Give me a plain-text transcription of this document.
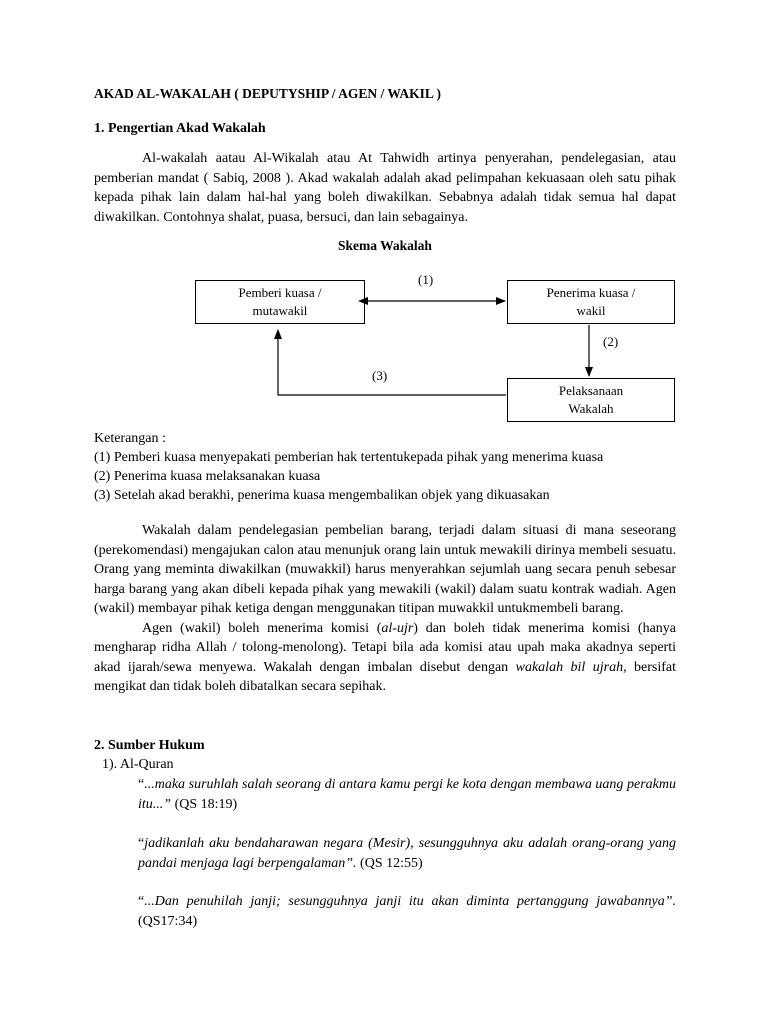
AKAD AL-WAKALAH ( DEPUTYSHIP / AGEN / WAKIL )
1. Pengertian Akad Wakalah

Al-wakalah aatau Al-Wikalah atau At Tahwidh artinya penyerahan, pendelegasian, atau pemberian mandat ( Sabiq, 2008 ). Akad wakalah adalah akad pelimpahan kekuasaan oleh satu pihak kepada pihak lain dalam hal-hal yang boleh diwakilkan. Sebabnya adalah tidak semua hal dapat diwakilkan. Contohnya shalat, puasa, bersuci, dan lain sebagainya.

Skema Wakalah
Keterangan :
(1) Pemberi kuasa menyepakati pemberian hak tertentukepada pihak yang menerima kuasa
(2) Penerima kuasa melaksanakan kuasa
(3) Setelah akad berakhi, penerima kuasa mengembalikan objek yang dikuasakan

Wakalah dalam pendelegasian pembelian barang, terjadi dalam situasi di mana seseorang (perekomendasi) mengajukan calon atau menunjuk orang lain untuk mewakili dirinya membeli sesuatu. Orang yang meminta diwakilkan (muwakkil) harus menyerahkan sejumlah uang secara penuh sebesar harga barang yang akan dibeli kepada pihak yang mewakili (wakil) dalam suatu kontrak wadiah. Agen (wakil) membayar pihak ketiga dengan menggunakan titipan muwakkil untukmembeli barang.

Agen (wakil) boleh menerima komisi (al-ujr) dan boleh tidak menerima komisi (hanya mengharap ridha Allah / tolong-menolong). Tetapi bila ada komisi atau upah maka akadnya seperti akad ijarah/sewa menyewa. Wakalah dengan imbalan disebut dengan wakalah bil ujrah, bersifat mengikat dan tidak boleh dibatalkan secara sepihak.

2. Sumber Hukum
1). Al-Quran

“...maka suruhlah salah seorang di antara kamu pergi ke kota dengan membawa uang perakmu itu...” (QS 18:19)

“jadikanlah aku bendaharawan negara (Mesir), sesungguhnya aku adalah orang-orang yang pandai menjaga lagi berpengalaman”. (QS 12:55)

“...Dan penuhilah janji; sesungguhnya janji itu akan diminta pertanggung jawabannya”. (QS17:34)

Pemberi kuasa /
mutawakil
Penerima kuasa /
wakil
Pelaksanaan
Wakalah
(1)
(2)
(3)
